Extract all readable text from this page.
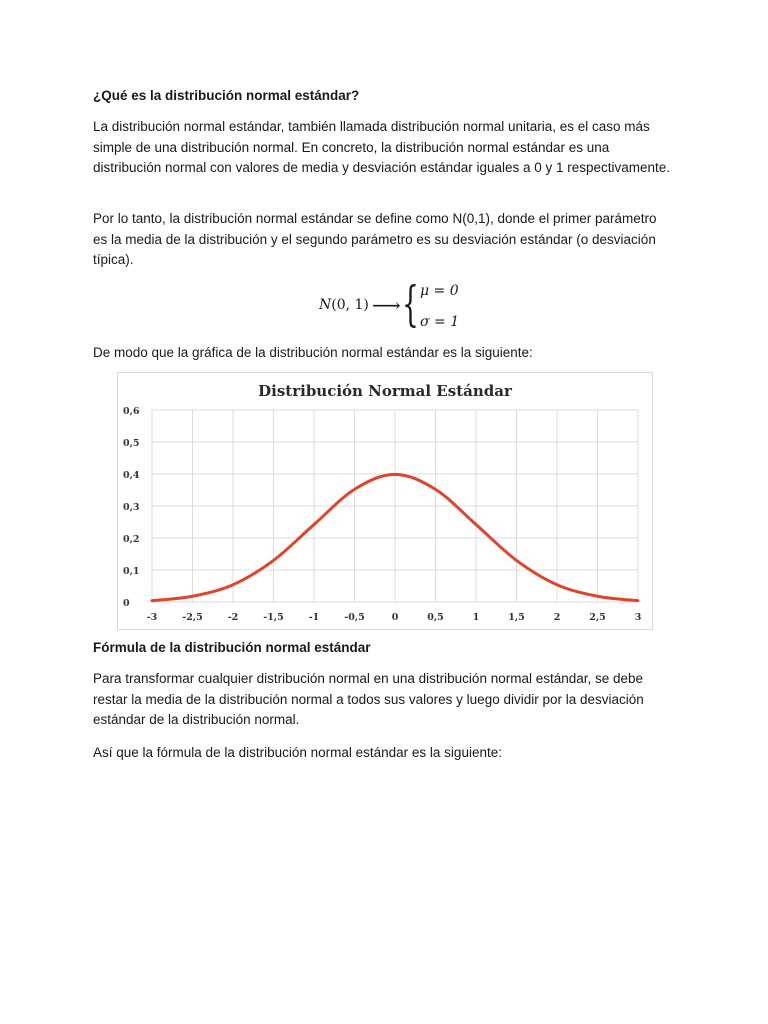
¿Qué es la distribución normal estándar?

La distribución normal estándar, también llamada distribución normal unitaria, es el caso más simple de una distribución normal. En concreto, la distribución normal estándar es una distribución normal con valores de media y desviación estándar iguales a 0 y 1 respectivamente.

Por lo tanto, la distribución normal estándar se define como N(0,1), donde el primer parámetro es la media de la distribución y el segundo parámetro es su desviación estándar (o desviación típica).

N(0, 1) ⟶ { μ = 0
σ = 1

De modo que la gráfica de la distribución normal estándar es la siguiente:

Distribución Normal Estándar
-3	-2,5	-2	-1,5	-1	-0,5	0	0,5	1	1,5	2	2,5	3
0
0,1
0,2
0,3
0,4
0,5
0,6
Fórmula de la distribución normal estándar

Para transformar cualquier distribución normal en una distribución normal estándar, se debe restar la media de la distribución normal a todos sus valores y luego dividir por la desviación estándar de la distribución normal.

Así que la fórmula de la distribución normal estándar es la siguiente:
